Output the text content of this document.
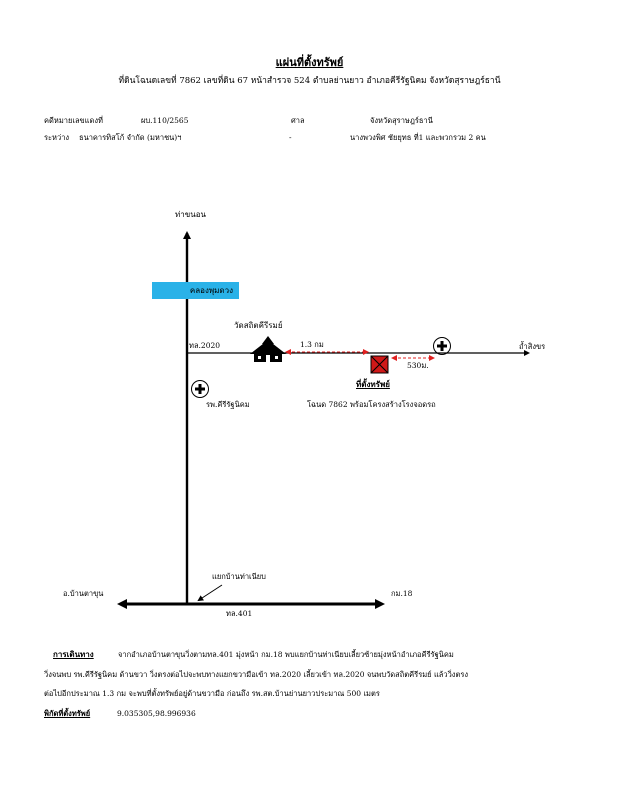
แผ่นที่ตั้งทรัพย์
ที่ดินโฉนดเลขที่ 7862 เลขที่ดิน 67 หน้าสำรวจ 524 ตำบลย่านยาว อำเภอคีรีรัฐนิคม จังหวัดสุราษฎร์ธานี
คดีหมายเลขแดงที่	ผบ.110/2565	ศาล	จังหวัดสุราษฎร์ธานี
ระหว่าง ธนาคารทิสโก้ จำกัด (มหาชน)ฯ	-	นางพวงพิศ ชัยยุทธ ที่1 และพวกรวม 2 คน
คลองพุมดวง
ท่าขนอน
วัดสถิตคีรีรมย์
ทล.2020	1.3 กม	ถ้ำสิงขร
530ม.
ที่ตั้งทรัพย์
โฉนด 7862 พร้อมโครงสร้างโรงจอดรถ
รพ.คีรีรัฐนิคม
แยกบ้านท่าเนียบ
อ.บ้านตาขุน
ทล.401
กม.18
การเดินทาง	จากอำเภอบ้านตาขุนวิ่งตามทล.401 มุ่งหน้า กม.18 พบแยกบ้านท่าเนียบเลี้ยวซ้ายมุ่งหน้าอำเภอคีรีรัฐนิคม
วิ่งจนพบ รพ.คีรีรัฐนิคม ด้านขวา วิ่งตรงต่อไปจะพบทางแยกขวามือเข้า ทล.2020 เลี้ยวเข้า ทล.2020 จนพบวัดสถิตคีรีรมย์ แล้ววิ่งตรง
ต่อไปอีกประมาณ 1.3 กม จะพบที่ตั้งทรัพย์อยู่ด้านขวามือ ก่อนถึง รพ.สต.บ้านย่านยาวประมาณ 500 เมตร
พิกัดที่ตั้งทรัพย์	9.035305,98.996936
